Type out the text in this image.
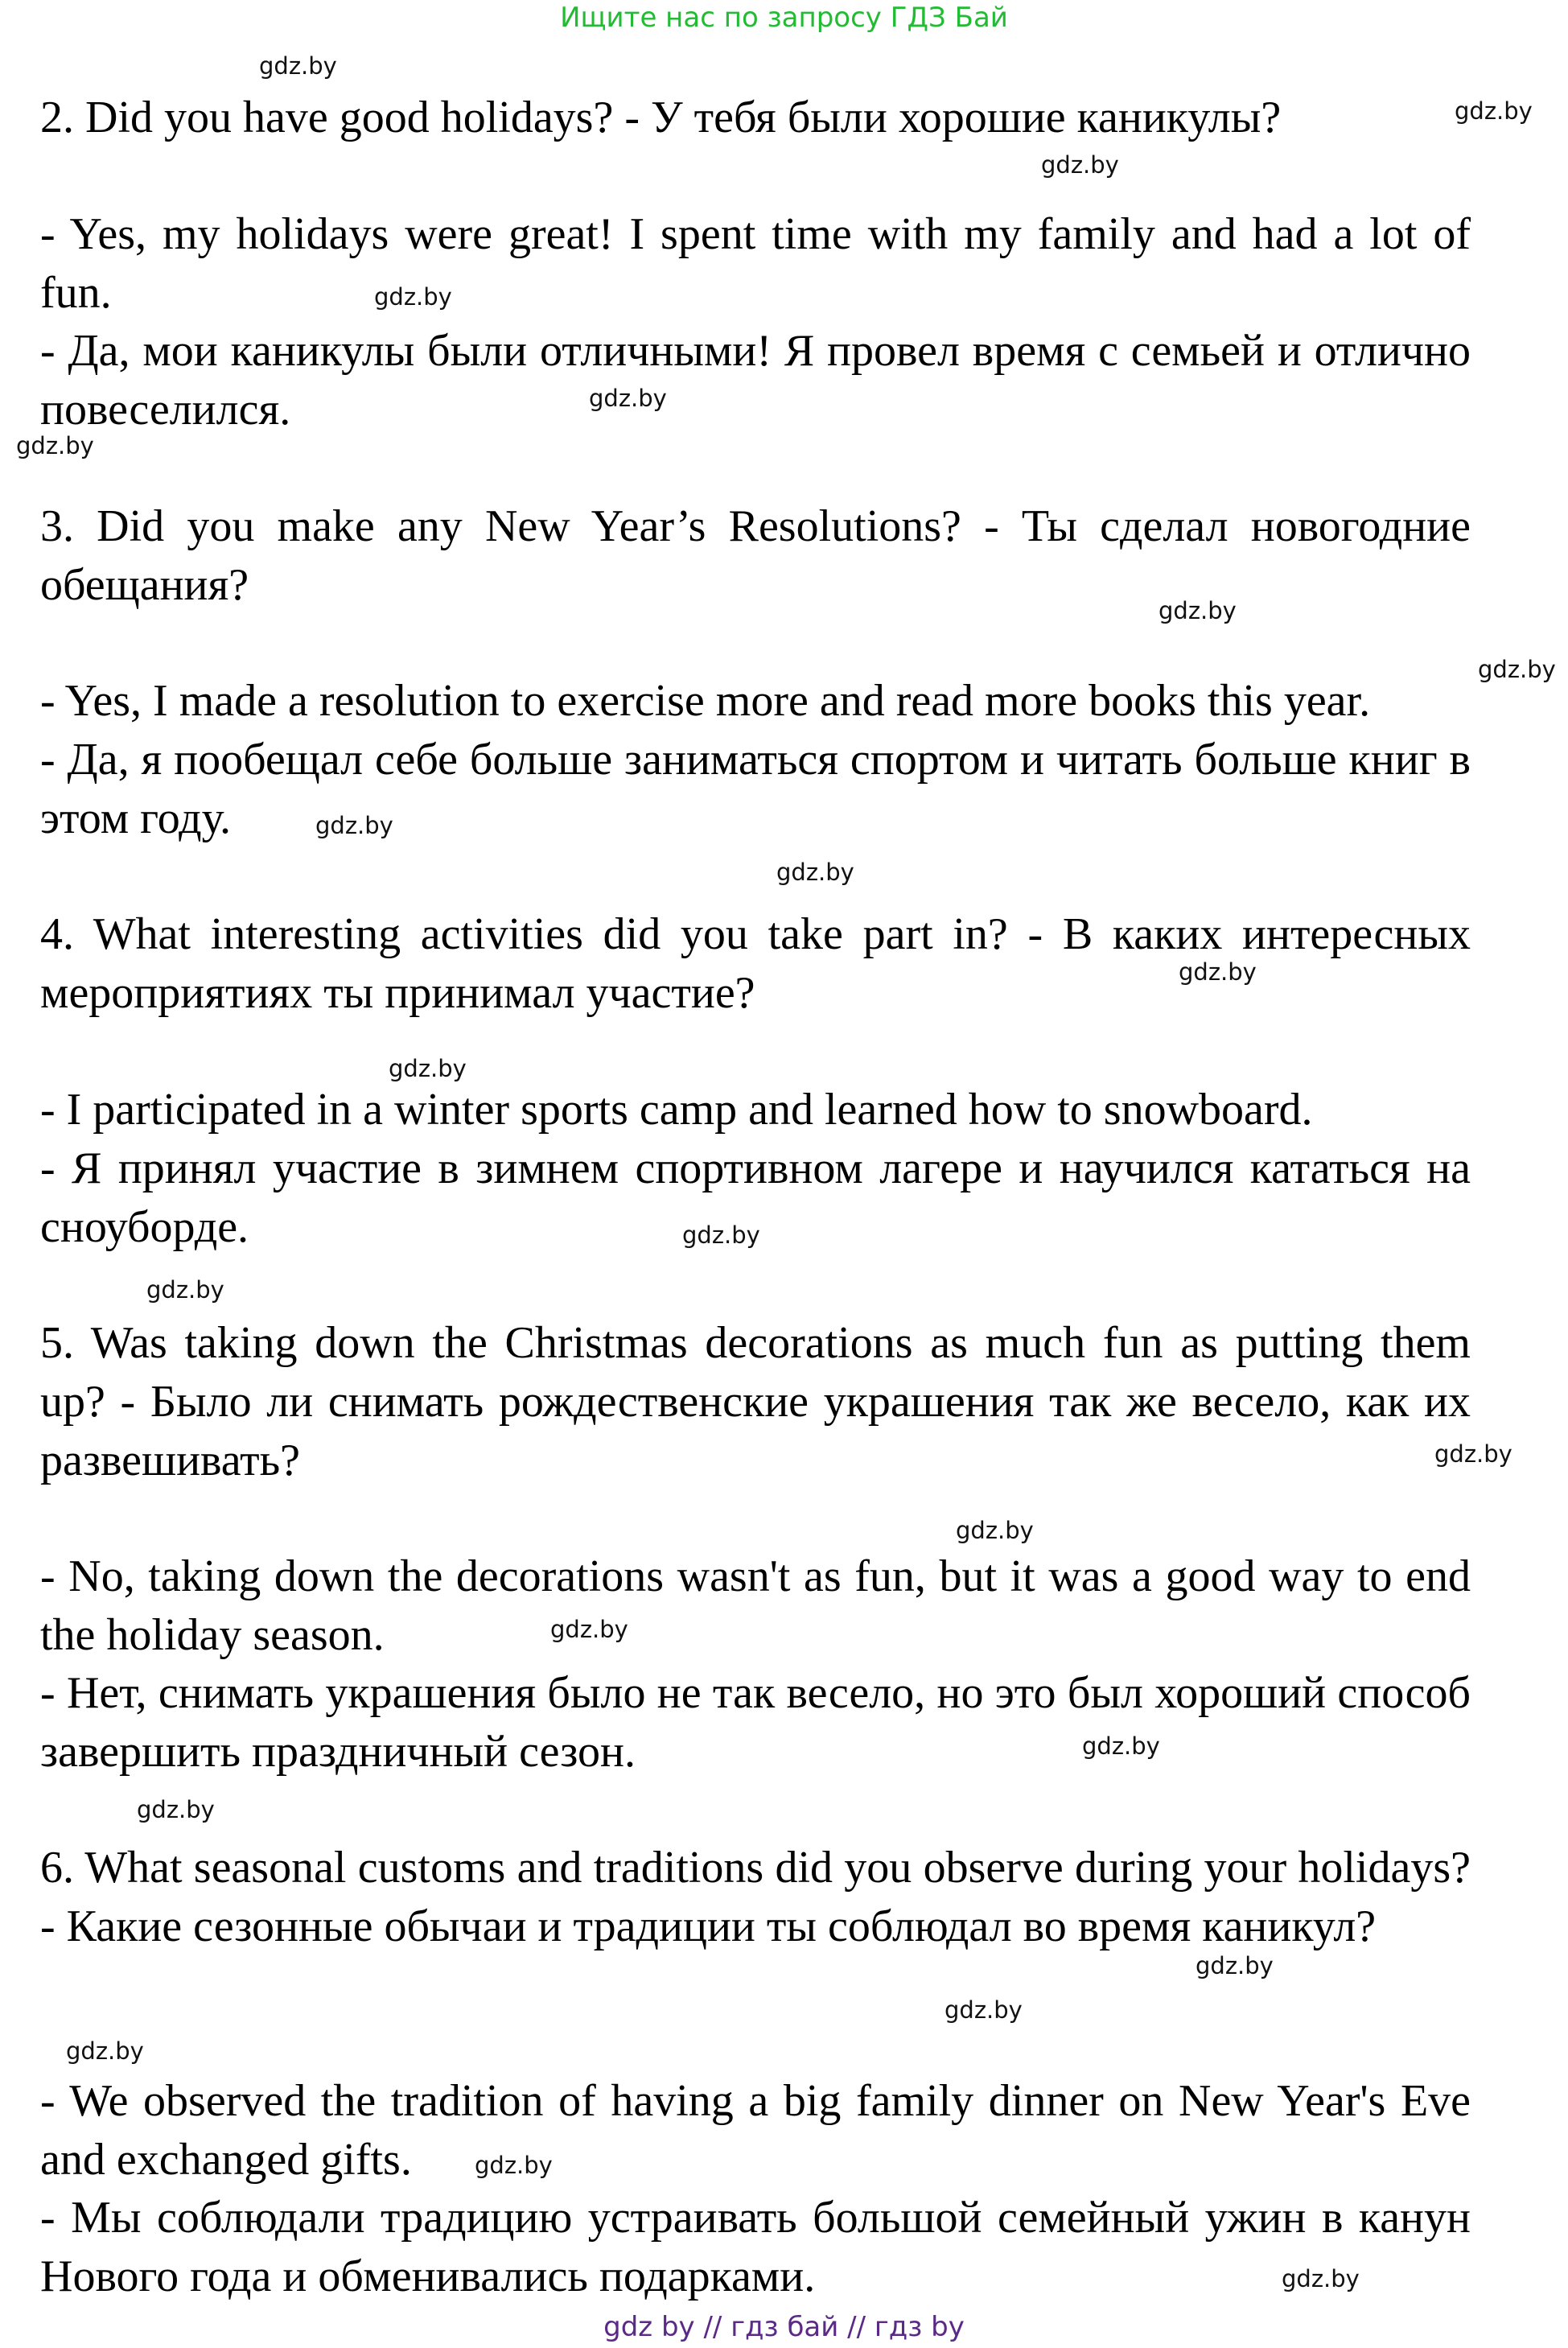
Ищите нас по запросу ГДЗ Бай

2. Did you have good holidays? - У тебя были хорошие каникулы?

- Yes, my holidays were great! I spent time with my family and had a lot of fun.

- Да, мои каникулы были отличными! Я провел время с семьей и отлично повеселился.

3. Did you make any New Year’s Resolutions? - Ты сделал новогодние обещания?

- Yes, I made a resolution to exercise more and read more books this year.

- Да, я пообещал себе больше заниматься спортом и читать больше книг в этом году.

4. What interesting activities did you take part in? - В каких интересных мероприятиях ты принимал участие?

- I participated in a winter sports camp and learned how to snowboard.

- Я принял участие в зимнем спортивном лагере и научился кататься на сноуборде.

5. Was taking down the Christmas decorations as much fun as putting them up? - Было ли снимать рождественские украшения так же весело, как их развешивать?

- No, taking down the decorations wasn't as fun, but it was a good way to end the holiday season.

- Нет, снимать украшения было не так весело, но это был хороший способ завершить праздничный сезон.

6. What seasonal customs and traditions did you observe during your holidays? - Какие сезонные обычаи и традиции ты соблюдал во время каникул?

- We observed the tradition of having a big family dinner on New Year's Eve and exchanged gifts.

- Мы соблюдали традицию устраивать большой семейный ужин в канун Нового года и обменивались подарками.

gdz.by
gdz.by
gdz.by
gdz.by
gdz.by
gdz.by
gdz.by
gdz.by
gdz.by
gdz.by
gdz.by
gdz.by
gdz.by
gdz.by
gdz.by
gdz.by
gdz.by
gdz.by
gdz.by
gdz.by
gdz.by
gdz.by
gdz.by
gdz.by
gdz by // гдз бай // гдз by
